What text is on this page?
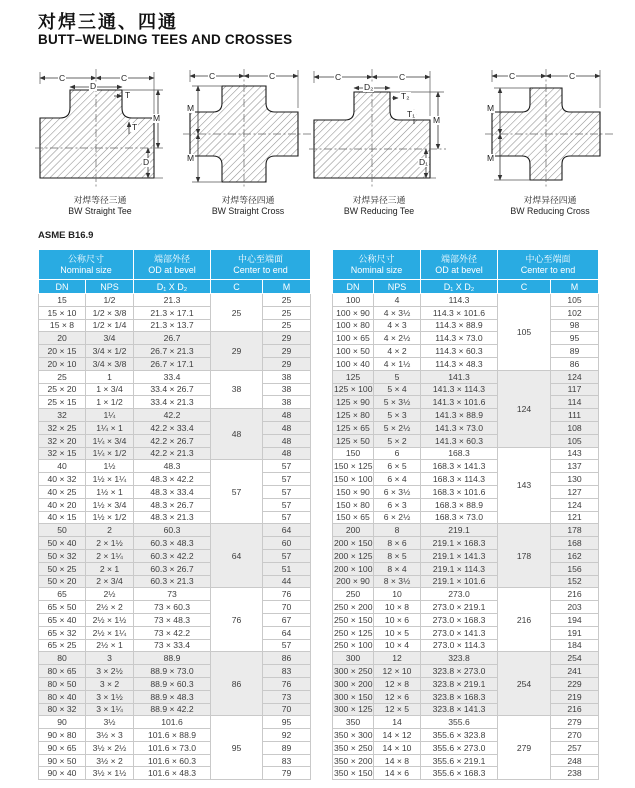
对焊三通、四通
BUTT–WELDING TEES AND CROSSES
C	C
D
T
T
M
D
对焊等径三通
BW Straight Tee
C	C
M
M
对焊等径四通
BW Straight Cross
C	C
D₂
T₂
T₁
M
D₁
对焊异径三通
BW Reducing Tee
C	C
M
M
对焊异径四通
BW Reducing Cross
ASME B16.9
公称尺寸
Nominal size		端部外径
OD at bevel	中心至端面
Center to end	
DN	NPS	D₁ X D₂	C	M
15	1/2	21.3	25	25
15 × 10	1/2 × 3/8	21.3 × 17.1		25
15 × 8	1/2 × 1/4	21.3 × 13.7		25
20	3/4	26.7	29	29
20 × 15	3/4 × 1/2	26.7 × 21.3		29
20 × 10	3/4 × 3/8	26.7 × 17.1		29
25	1	33.4	38	38
25 × 20	1 × 3/4	33.4 × 26.7		38
25 × 15	1 × 1/2	33.4 × 21.3		38
32	1¼	42.2	48	48
32 × 25	1¼ × 1	42.2 × 33.4		48
32 × 20	1¼ × 3/4	42.2 × 26.7		48
32 × 15	1¼ × 1/2	42.2 × 21.3		48
40	1½	48.3	57	57
40 × 32	1½ × 1¼	48.3 × 42.2		57
40 × 25	1½ × 1	48.3 × 33.4		57
40 × 20	1½ × 3/4	48.3 × 26.7		57
40 × 15	1½ × 1/2	48.3 × 21.3		57
50	2	60.3	64	64
50 × 40	2 × 1½	60.3 × 48.3		60
50 × 32	2 × 1¼	60.3 × 42.2		57
50 × 25	2 × 1	60.3 × 26.7		51
50 × 20	2 × 3/4	60.3 × 21.3		44
65	2½	73	76	76
65 × 50	2½ × 2	73 × 60.3		70
65 × 40	2½ × 1½	73 × 48.3		67
65 × 32	2½ × 1¼	73 × 42.2		64
65 × 25	2½ × 1	73 × 33.4		57
80	3	88.9	86	86
80 × 65	3 × 2½	88.9 × 73.0		83
80 × 50	3 × 2	88.9 × 60.3		76
80 × 40	3 × 1½	88.9 × 48.3		73
80 × 32	3 × 1¼	88.9 × 42.2		70
90	3½	101.6	95	95
90 × 80	3½ × 3	101.6 × 88.9		92
90 × 65	3½ × 2½	101.6 × 73.0		89
90 × 50	3½ × 2	101.6 × 60.3		83
90 × 40	3½ × 1½	101.6 × 48.3		79
公称尺寸
Nominal size		端部外径
OD at bevel	中心至端面
Center to end	
DN	NPS	D₁ X D₂	C	M
100	4	114.3	105	105
100 × 90	4 × 3½	114.3 × 101.6		102
100 × 80	4 × 3	114.3 × 88.9		98
100 × 65	4 × 2½	114.3 × 73.0		95
100 × 50	4 × 2	114.3 × 60.3		89
100 × 40	4 × 1½	114.3 × 48.3		86
125	5	141.3	124	124
125 × 100	5 × 4	141.3 × 114.3		117
125 × 90	5 × 3½	141.3 × 101.6		114
125 × 80	5 × 3	141.3 × 88.9		111
125 × 65	5 × 2½	141.3 × 73.0		108
125 × 50	5 × 2	141.3 × 60.3		105
150	6	168.3	143	143
150 × 125	6 × 5	168.3 × 141.3		137
150 × 100	6 × 4	168.3 × 114.3		130
150 × 90	6 × 3½	168.3 × 101.6		127
150 × 80	6 × 3	168.3 × 88.9		124
150 × 65	6 × 2½	168.3 × 73.0		121
200	8	219.1	178	178
200 × 150	8 × 6	219.1 × 168.3		168
200 × 125	8 × 5	219.1 × 141.3		162
200 × 100	8 × 4	219.1 × 114.3		156
200 × 90	8 × 3½	219.1 × 101.6		152
250	10	273.0	216	216
250 × 200	10 × 8	273.0 × 219.1		203
250 × 150	10 × 6	273.0 × 168.3		194
250 × 125	10 × 5	273.0 × 141.3		191
250 × 100	10 × 4	273.0 × 114.3		184
300	12	323.8	254	254
300 × 250	12 × 10	323.8 × 273.0		241
300 × 200	12 × 8	323.8 × 219.1		229
300 × 150	12 × 6	323.8 × 168.3		219
300 × 125	12 × 5	323.8 × 141.3		216
350	14	355.6	279	279
350 × 300	14 × 12	355.6 × 323.8		270
350 × 250	14 × 10	355.6 × 273.0		257
350 × 200	14 × 8	355.6 × 219.1		248
350 × 150	14 × 6	355.6 × 168.3		238
